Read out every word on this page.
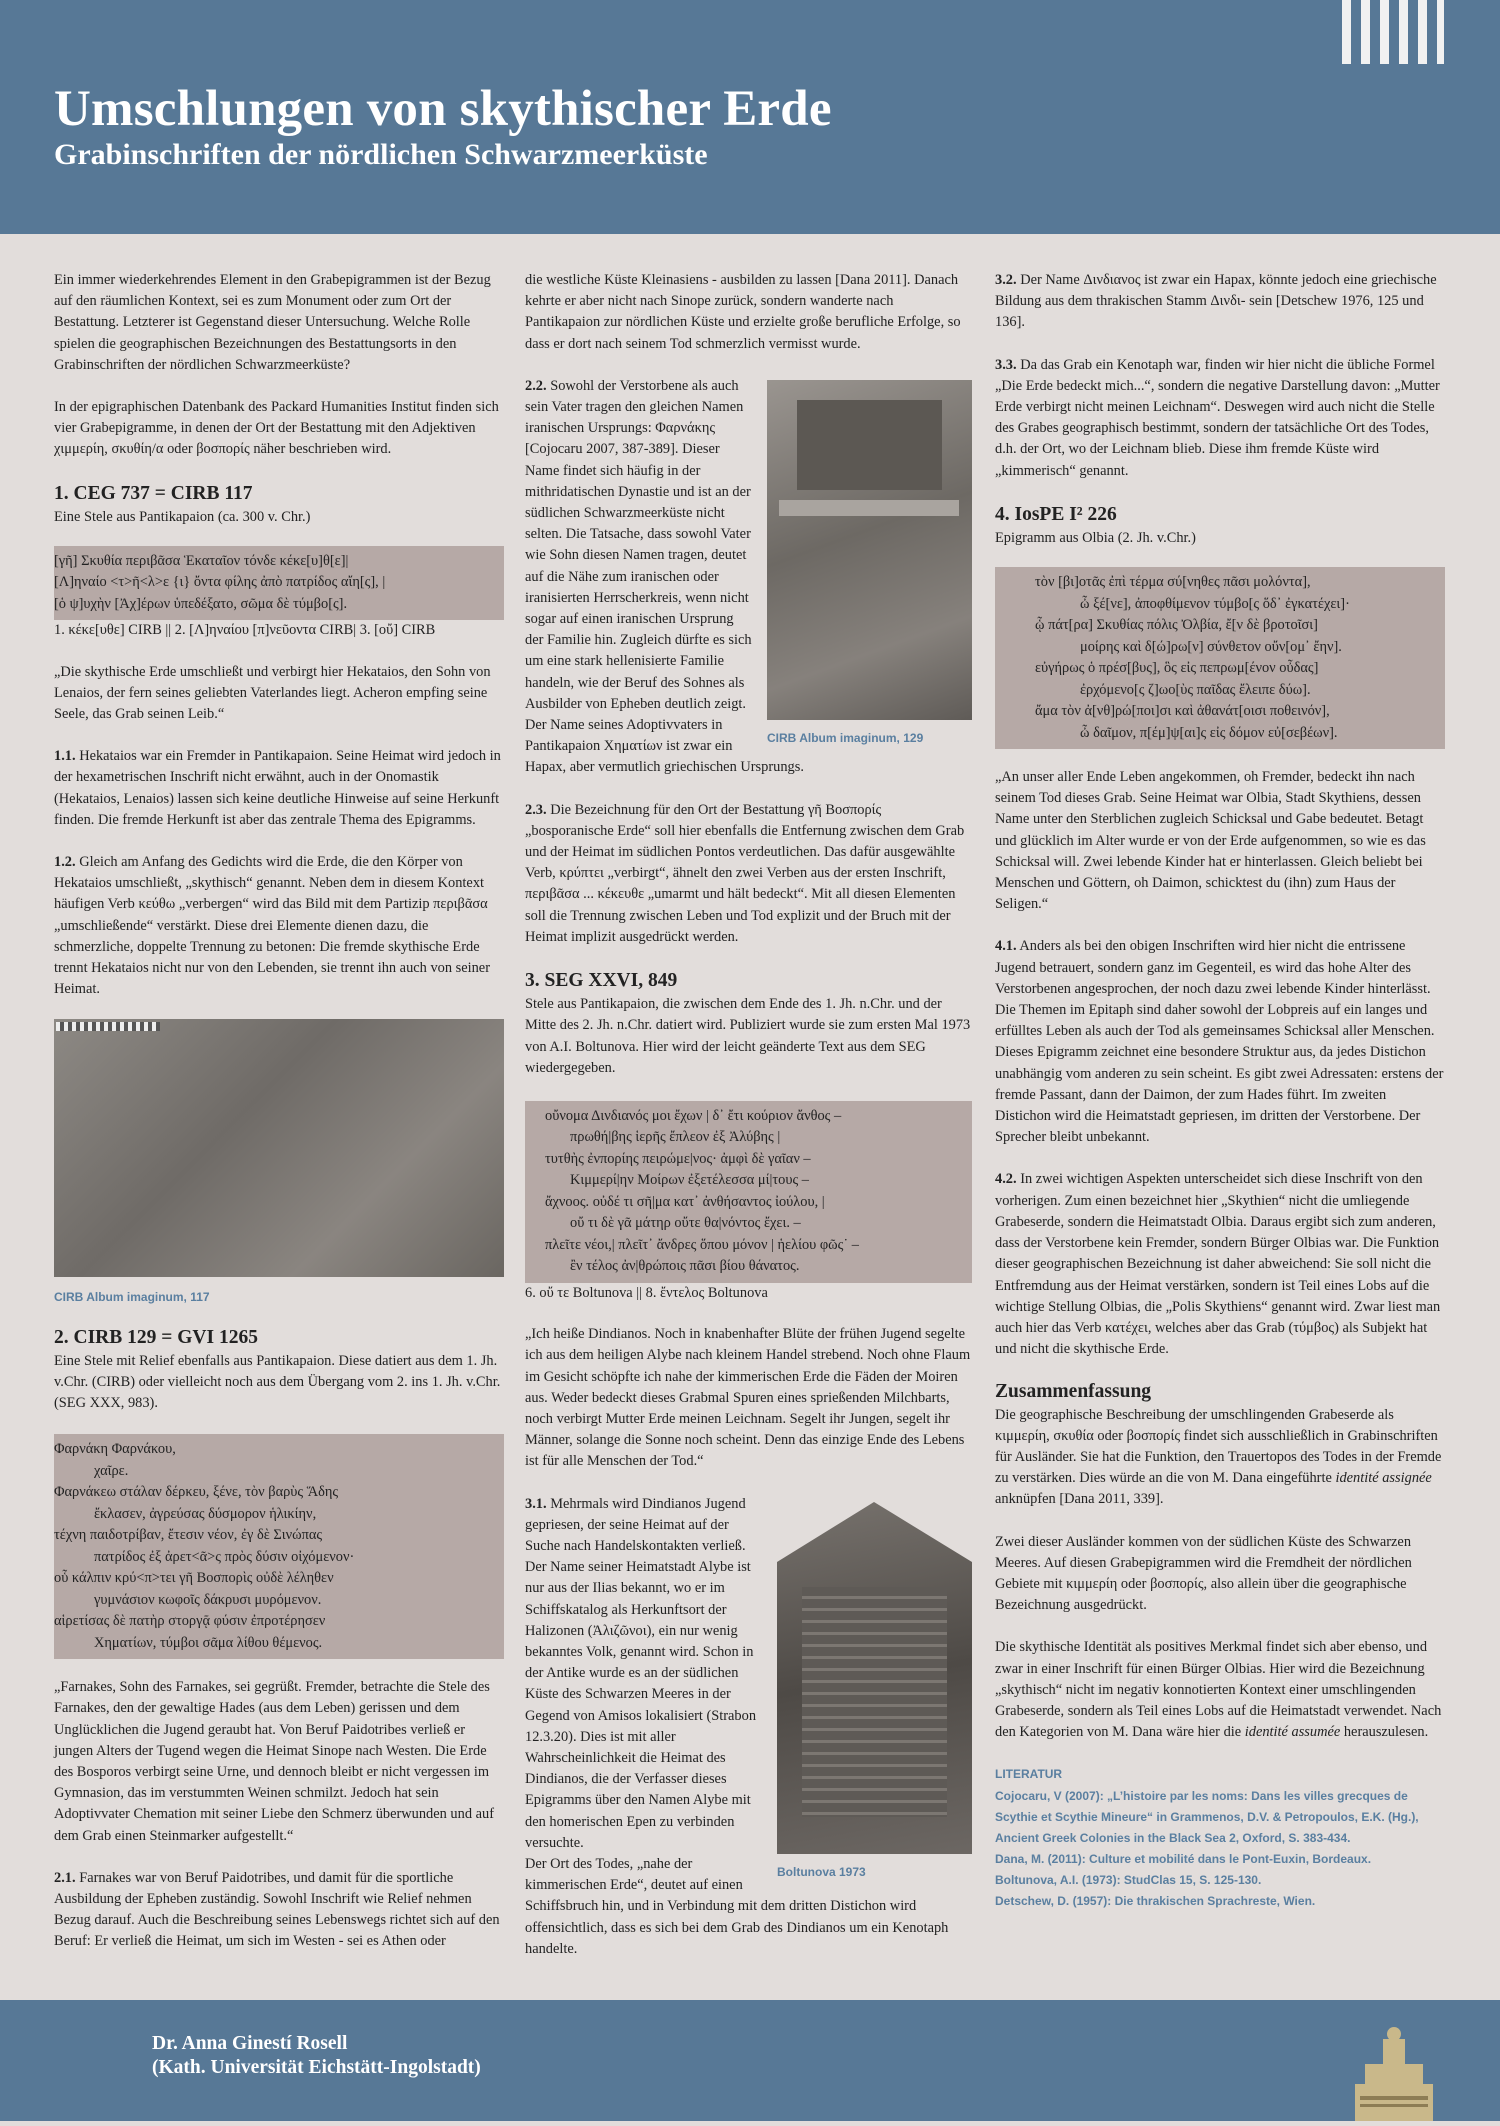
Umschlungen von skythischer Erde
Grabinschriften der nördlichen Schwarzmeerküste

Ein immer wiederkehrendes Element in den Grabepigrammen ist der Bezug auf den räumlichen Kontext, sei es zum Monument oder zum Ort der Bestattung. Letzterer ist Gegenstand dieser Untersuchung. Welche Rolle spielen die geographischen Bezeichnungen des Bestattungsorts in den Grabinschriften der nördlichen Schwarzmeerküste?

In der epigraphischen Datenbank des Packard Humanities Institut finden sich vier Grabepigramme, in denen der Ort der Bestattung mit den Adjektiven χιμμερίη, σκυθίη/α oder βοσπορίς näher beschrieben wird.

1. CEG 737 = CIRB 117
Eine Stele aus Pantikapaion (ca. 300 v. Chr.)
[γῆ] Σκυθία περιβᾶσα Ἑκαταῖον τόνδε κέκε[υ]θ[ε]|
[Λ]ηναίο <τ>ῆ<λ>ε {ι} ὄντα φίλης ἀπὸ πατρίδος αἴη[ς], |
[ὁ ψ]υχὴν [Ἀχ]έρων ὑπεδέξατο, σῶμα δὲ τύμβο[ς].
1. κέκε[υθε] CIRB || 2. [Λ]ηναίου [π]νεῦοντα CIRB| 3. [οὔ] CIRB

„Die skythische Erde umschließt und verbirgt hier Hekataios, den Sohn von Lenaios, der fern seines geliebten Vaterlandes liegt. Acheron empfing seine Seele, das Grab seinen Leib.“

1.1. Hekataios war ein Fremder in Pantikapaion. Seine Heimat wird jedoch in der hexametrischen Inschrift nicht erwähnt, auch in der Onomastik (Hekataios, Lenaios) lassen sich keine deutliche Hinweise auf seine Herkunft finden. Die fremde Herkunft ist aber das zentrale Thema des Epigramms.

1.2. Gleich am Anfang des Gedichts wird die Erde, die den Körper von Hekataios umschließt, „skythisch“ genannt. Neben dem in diesem Kontext häufigen Verb κεύθω „verbergen“ wird das Bild mit dem Partizip περιβᾶσα „umschließende“ verstärkt. Diese drei Elemente dienen dazu, die schmerzliche, doppelte Trennung zu betonen: Die fremde skythische Erde trennt Hekataios nicht nur von den Lebenden, sie trennt ihn auch von seiner Heimat.

CIRB Album imaginum, 117
2. CIRB 129 = GVI 1265
Eine Stele mit Relief ebenfalls aus Pantikapaion. Diese datiert aus dem 1. Jh. v.Chr. (CIRB) oder vielleicht noch aus dem Übergang vom 2. ins 1. Jh. v.Chr. (SEG XXX, 983).
Φαρνάκη Φαρνάκου,
χαῖρε.
Φαρνάκεω στάλαν δέρκευ, ξένε, τὸν βαρὺς Ἅδης
ἔκλασεν, ἀγρεύσας δύσμορον ἡλικίην,
τέχνη παιδοτρίβαν, ἔτεσιν νέον, ἐγ δὲ Σινώπας
πατρίδος ἐξ ἀρετ<ᾶ>ς πρὸς δύσιν οἰχόμενον·
οὗ κάλπιν κρύ<π>τει γῆ Βοσπορὶς οὐδὲ λέληθεν
γυμνάσιον κωφοῖς δάκρυσι μυρόμενον.
αἱρετίσας δὲ πατὴρ στοργᾷ φύσιν ἐπροτέρησεν
Χηματίων, τύμβοι σᾶμα λίθου θέμενος.

„Farnakes, Sohn des Farnakes, sei gegrüßt. Fremder, betrachte die Stele des Farnakes, den der gewaltige Hades (aus dem Leben) gerissen und dem Unglücklichen die Jugend geraubt hat. Von Beruf Paidotribes verließ er jungen Alters der Tugend wegen die Heimat Sinope nach Westen. Die Erde des Bosporos verbirgt seine Urne, und dennoch bleibt er nicht vergessen im Gymnasion, das im verstummten Weinen schmilzt. Jedoch hat sein Adoptivvater Chemation mit seiner Liebe den Schmerz überwunden und auf dem Grab einen Steinmarker aufgestellt.“

2.1. Farnakes war von Beruf Paidotribes, und damit für die sportliche Ausbildung der Epheben zuständig. Sowohl Inschrift wie Relief nehmen Bezug darauf. Auch die Beschreibung seines Lebenswegs richtet sich auf den Beruf: Er verließ die Heimat, um sich im Westen - sei es Athen oder

die westliche Küste Kleinasiens - ausbilden zu lassen [Dana 2011]. Danach kehrte er aber nicht nach Sinope zurück, sondern wanderte nach Pantikapaion zur nördlichen Küste und erzielte große berufliche Erfolge, so dass er dort nach seinem Tod schmerzlich vermisst wurde.

CIRB Album imaginum, 129

2.2. Sowohl der Verstorbene als auch sein Vater tragen den gleichen Namen iranischen Ursprungs: Φαρνάκης [Cojocaru 2007, 387-389]. Dieser Name findet sich häufig in der mithridatischen Dynastie und ist an der südlichen Schwarzmeerküste nicht selten. Die Tatsache, dass sowohl Vater wie Sohn diesen Namen tragen, deutet auf die Nähe zum iranischen oder iranisierten Herrscherkreis, wenn nicht sogar auf einen iranischen Ursprung der Familie hin. Zugleich dürfte es sich um eine stark hellenisierte Familie handeln, wie der Beruf des Sohnes als Ausbilder von Epheben deutlich zeigt. Der Name seines Adoptivvaters in Pantikapaion Χηματίων ist zwar ein Hapax, aber vermutlich griechischen Ursprungs.

2.3. Die Bezeichnung für den Ort der Bestattung γῆ Βοσπορίς „bosporanische Erde“ soll hier ebenfalls die Entfernung zwischen dem Grab und der Heimat im südlichen Pontos verdeutlichen. Das dafür ausgewählte Verb, κρύπτει „verbirgt“, ähnelt den zwei Verben aus der ersten Inschrift, περιβᾶσα ... κέκευθε „umarmt und hält bedeckt“. Mit all diesen Elementen soll die Trennung zwischen Leben und Tod explizit und der Bruch mit der Heimat implizit ausgedrückt werden.

3. SEG XXVI, 849
Stele aus Pantikapaion, die zwischen dem Ende des 1. Jh. n.Chr. und der Mitte des 2. Jh. n.Chr. datiert wird. Publiziert wurde sie zum ersten Mal 1973 von A.I. Boltunova. Hier wird der leicht geänderte Text aus dem SEG wiedergegeben.
οὔνομα Δινδιανός μοι ἔχων | δ᾽ ἔτι κούριον ἄνθος –
πρωθή|βης ἱερῆς ἔπλεον ἐξ Ἀλύβης |
τυτθὴς ἐνπορίης πειρώμε|νος· ἀμφὶ δὲ γαῖαν –
Κιμμερί|ην Μοίρων ἐξετέλεσσα μί|τους –
ἄχνοος. οὐδέ τι σῆ|μα κατ᾽ ἀνθήσαντος ἰούλου, |
οὔ τι δὲ γᾶ μάτηρ οὔτε θα|νόντος ἔχει. –
πλεῖτε νέοι,| πλεῖτ᾽ ἄνδρες ὅπου μόνον | ἡελίου φῶς˙ –
ἒν τέλος ἀν|θρώποις πᾶσι βίου θάνατος.
6. οὔ τε Boltunova || 8. ἔντελος Boltunova

„Ich heiße Dindianos. Noch in knabenhafter Blüte der frühen Jugend segelte ich aus dem heiligen Alybe nach kleinem Handel strebend. Noch ohne Flaum im Gesicht schöpfte ich nahe der kimmerischen Erde die Fäden der Moiren aus. Weder bedeckt dieses Grabmal Spuren eines sprießenden Milchbarts, noch verbirgt Mutter Erde meinen Leichnam. Segelt ihr Jungen, segelt ihr Männer, solange die Sonne noch scheint. Denn das einzige Ende des Lebens ist für alle Menschen der Tod.“

Boltunova 1973
3.1. Mehrmals wird Dindianos Jugend gepriesen, der seine Heimat auf der Suche nach Handelskontakten verließ. Der Name seiner Heimatstadt Alybe ist nur aus der Ilias bekannt, wo er im Schiffskatalog als Herkunftsort der Halizonen (Ἀλιζῶνοι), ein nur wenig bekanntes Volk, genannt wird. Schon in der Antike wurde es an der südlichen Küste des Schwarzen Meeres in der Gegend von Amisos lokalisiert (Strabon 12.3.20). Dies ist mit aller Wahrscheinlichkeit die Heimat des Dindianos, die der Verfasser dieses Epigramms über den Namen Alybe mit den homerischen Epen zu verbinden versuchte.
Der Ort des Todes, „nahe der kimmerischen Erde“, deutet auf einen Schiffsbruch hin, und in Verbindung mit dem dritten Distichon wird offensichtlich, dass es sich bei dem Grab des Dindianos um ein Kenotaph handelte.

3.2. Der Name Δινδιανος ist zwar ein Hapax, könnte jedoch eine griechische Bildung aus dem thrakischen Stamm Δινδι- sein [Detschew 1976, 125 und 136].

3.3. Da das Grab ein Kenotaph war, finden wir hier nicht die übliche Formel „Die Erde bedeckt mich...“, sondern die negative Darstellung davon: „Mutter Erde verbirgt nicht meinen Leichnam“. Deswegen wird auch nicht die Stelle des Grabes geographisch bestimmt, sondern der tatsächliche Ort des Todes, d.h. der Ort, wo der Leichnam blieb. Diese ihm fremde Küste wird „kimmerisch“ genannt.

4. IosPE I² 226
Epigramm aus Olbia (2. Jh. v.Chr.)
τὸν [βι]οτᾶς ἐπὶ τέρμα σύ[νηθες πᾶσι μολόντα],
ὦ ξέ[νε], ἀποφθίμενον τύμβο[ς ὅδ᾽ ἐγκατέχει]·
ᾧ πάτ[ρα] Σκυθίας πόλις Ὀλβία, ἔ[ν δὲ βροτοῖσι]
μοίρης καὶ δ[ώ]ρω[ν] σύνθετον οὔν[ομ᾽ ἔην].
εὐγήρως ὁ πρέσ[βυς], ὃς εἰς πεπρωμ[ένον οὖδας]
ἐρχόμενο[ς ζ]ωο[ὺς παῖδας ἔλειπε δύω].
ἄμα τὸν ἀ[νθ]ρώ[ποι]σι καὶ ἀθανάτ[οισι ποθεινόν],
ὦ δαῖμον, π[έμ]ψ[αι]ς εἰς δόμον εὐ[σεβέων].

„An unser aller Ende Leben angekommen, oh Fremder, bedeckt ihn nach seinem Tod dieses Grab. Seine Heimat war Olbia, Stadt Skythiens, dessen Name unter den Sterblichen zugleich Schicksal und Gabe bedeutet. Betagt und glücklich im Alter wurde er von der Erde aufgenommen, so wie es das Schicksal will. Zwei lebende Kinder hat er hinterlassen. Gleich beliebt bei Menschen und Göttern, oh Daimon, schicktest du (ihn) zum Haus der Seligen.“

4.1. Anders als bei den obigen Inschriften wird hier nicht die entrissene Jugend betrauert, sondern ganz im Gegenteil, es wird das hohe Alter des Verstorbenen angesprochen, der noch dazu zwei lebende Kinder hinterlässt. Die Themen im Epitaph sind daher sowohl der Lobpreis auf ein langes und erfülltes Leben als auch der Tod als gemeinsames Schicksal aller Menschen.

Dieses Epigramm zeichnet eine besondere Struktur aus, da jedes Distichon unabhängig vom anderen zu sein scheint. Es gibt zwei Adressaten: erstens der fremde Passant, dann der Daimon, der zum Hades führt. Im zweiten Distichon wird die Heimatstadt gepriesen, im dritten der Verstorbene. Der Sprecher bleibt unbekannt.

4.2. In zwei wichtigen Aspekten unterscheidet sich diese Inschrift von den vorherigen. Zum einen bezeichnet hier „Skythien“ nicht die umliegende Grabeserde, sondern die Heimatstadt Olbia. Daraus ergibt sich zum anderen, dass der Verstorbene kein Fremder, sondern Bürger Olbias war. Die Funktion dieser geographischen Bezeichnung ist daher abweichend: Sie soll nicht die Entfremdung aus der Heimat verstärken, sondern ist Teil eines Lobs auf die wichtige Stellung Olbias, die „Polis Skythiens“ genannt wird. Zwar liest man auch hier das Verb κατέχει, welches aber das Grab (τύμβος) als Subjekt hat und nicht die skythische Erde.

Zusammenfassung

Die geographische Beschreibung der umschlingenden Grabeserde als κιμμερίη, σκυθία oder βοσπορίς findet sich ausschließlich in Grabinschriften für Ausländer. Sie hat die Funktion, den Trauertopos des Todes in der Fremde zu verstärken. Dies würde an die von M. Dana eingeführte identité assignée anknüpfen [Dana 2011, 339].

Zwei dieser Ausländer kommen von der südlichen Küste des Schwarzen Meeres. Auf diesen Grabepigrammen wird die Fremdheit der nördlichen Gebiete mit κιμμερίη oder βοσπορίς, also allein über die geographische Bezeichnung ausgedrückt.

Die skythische Identität als positives Merkmal findet sich aber ebenso, und zwar in einer Inschrift für einen Bürger Olbias. Hier wird die Bezeichnung „skythisch“ nicht im negativ konnotierten Kontext einer umschlingenden Grabeserde, sondern als Teil eines Lobs auf die Heimatstadt verwendet. Nach den Kategorien von M. Dana wäre hier die identité assumée herauszulesen.

LITERATUR
Cojocaru, V (2007): „L’histoire par les noms: Dans les villes grecques de Scythie et Scythie Mineure“ in Grammenos, D.V. & Petropoulos, E.K. (Hg.), Ancient Greek Colonies in the Black Sea 2, Oxford, S. 383-434.
Dana, M. (2011): Culture et mobilité dans le Pont-Euxin, Bordeaux.
Boltunova, A.I. (1973): StudClas 15, S. 125-130.
Detschew, D. (1957): Die thrakischen Sprachreste, Wien.
Dr. Anna Ginestí Rosell
(Kath. Universität Eichstätt-Ingolstadt)
